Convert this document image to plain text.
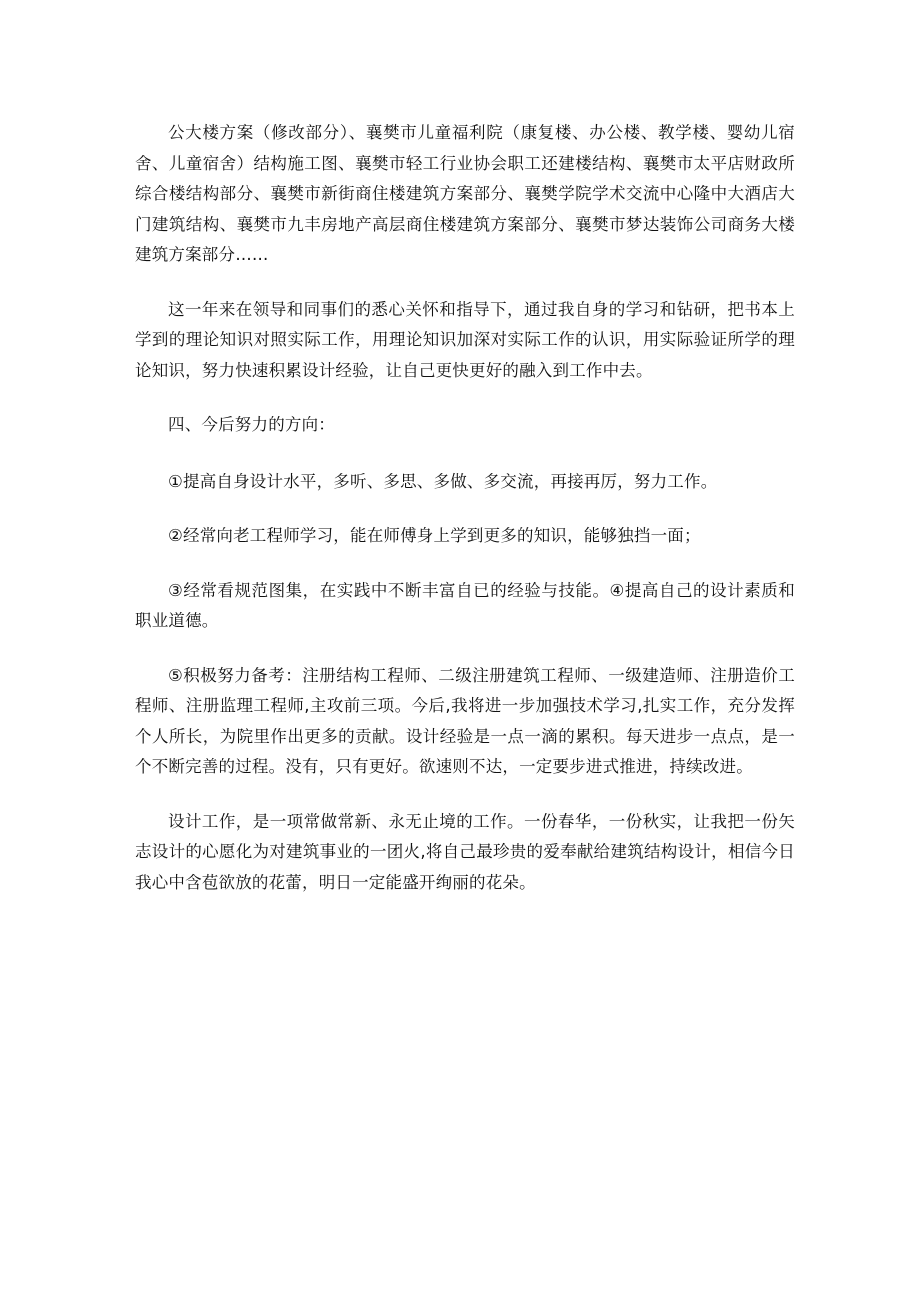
公大楼方案（修改部分）、襄樊市儿童福利院（康复楼、办公楼、教学楼、婴幼儿宿舍、儿童宿舍）结构施工图、襄樊市轻工行业协会职工还建楼结构、襄樊市太平店财政所综合楼结构部分、襄樊市新街商住楼建筑方案部分、襄樊学院学术交流中心隆中大酒店大门建筑结构、襄樊市九丰房地产高层商住楼建筑方案部分、襄樊市梦达装饰公司商务大楼建筑方案部分……

这一年来在领导和同事们的悉心关怀和指导下，通过我自身的学习和钻研，把书本上学到的理论知识对照实际工作，用理论知识加深对实际工作的认识，用实际验证所学的理论知识，努力快速积累设计经验，让自己更快更好的融入到工作中去。

四、今后努力的方向：

①提高自身设计水平，多听、多思、多做、多交流，再接再厉，努力工作。

②经常向老工程师学习，能在师傅身上学到更多的知识，能够独挡一面；

③经常看规范图集，在实践中不断丰富自已的经验与技能。④提高自己的设计素质和职业道德。

⑤积极努力备考：注册结构工程师、二级注册建筑工程师、一级建造师、注册造价工程师、注册监理工程师,主攻前三项。今后,我将进一步加强技术学习,扎实工作，充分发挥个人所长，为院里作出更多的贡献。设计经验是一点一滴的累积。每天进步一点点，是一个不断完善的过程。没有，只有更好。欲速则不达，一定要步进式推进，持续改进。

设计工作，是一项常做常新、永无止境的工作。一份春华，一份秋实，让我把一份矢志设计的心愿化为对建筑事业的一团火,将自己最珍贵的爱奉献给建筑结构设计，相信今日我心中含苞欲放的花蕾，明日一定能盛开绚丽的花朵。
